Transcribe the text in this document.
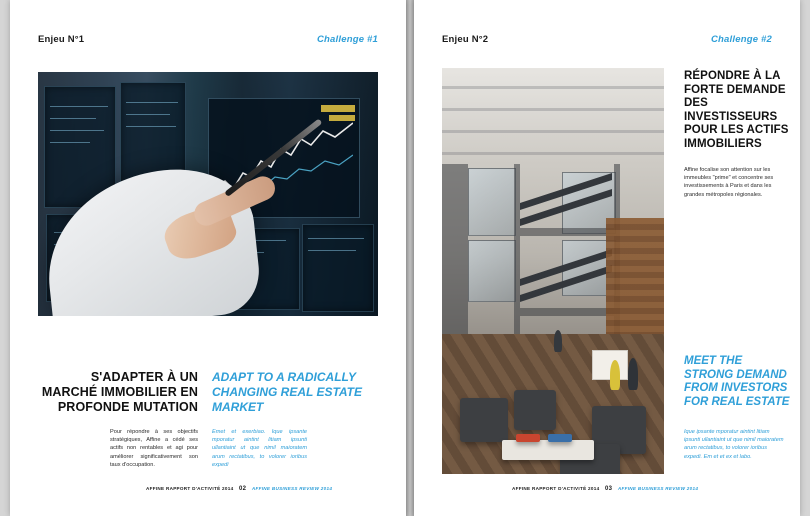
Enjeu N°1	Challenge #1
S'ADAPTER À UN MARCHÉ IMMOBILIER EN PROFONDE MUTATION
ADAPT TO A RADICALLY CHANGING REAL ESTATE MARKET
Pour répondre à ses objectifs stratégiques, Affine a cédé ses actifs non rentables et agi pour améliorer significativement son taux d'occupation.
Emet et exerbiao. Ique ipsante mporatur aintint litiam ipsunti ullantiaint ut que nimil maioratem arum rectatibus, to volorer ioribus expedi
AFFINE RAPPORT D'ACTIVITÉ 2014 02 AFFINE BUSINESS REVIEW 2014
Enjeu N°2	Challenge #2
RÉPONDRE À LA FORTE DEMANDE DES INVESTISSEURS POUR LES ACTIFS IMMOBILIERS
Affine focalise son attention sur les immeubles "prime" et concentre ses investissements à Paris et dans les grandes métropoles régionales.
MEET THE STRONG DEMAND FROM INVESTORS FOR REAL ESTATE
Ique ipsante mporatur aintint litiam ipsunti ullantiaint ut que nimil maioratem arum rectatibus, to volorer ioribus expedi. Em et et ex et labo.
AFFINE RAPPORT D'ACTIVITÉ 2014 03 AFFINE BUSINESS REVIEW 2014
